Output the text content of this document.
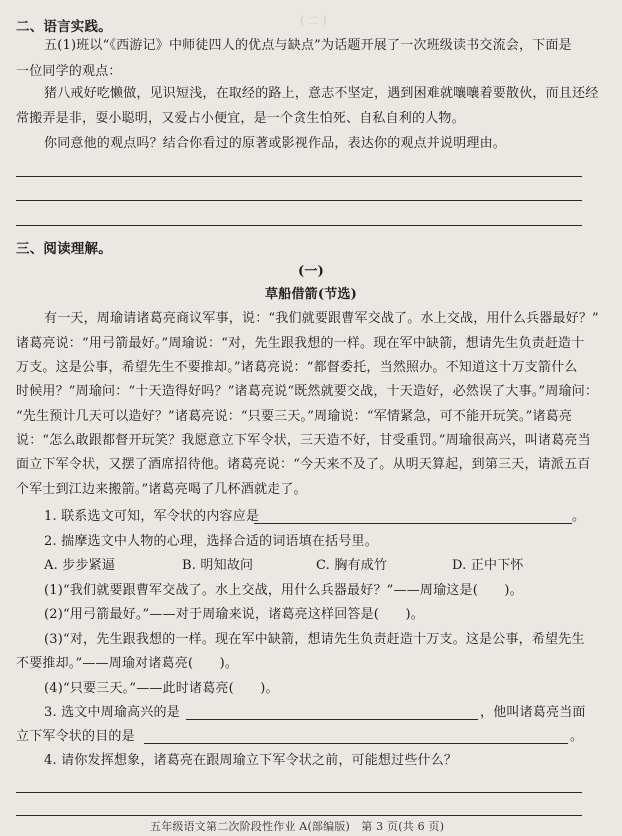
( 二 )
二、语言实践。
五(1)班以“《西游记》中师徒四人的优点与缺点”为话题开展了一次班级读书交流会，下面是
一位同学的观点：
猪八戒好吃懒做，见识短浅，在取经的路上，意志不坚定，遇到困难就嚷嚷着要散伙，而且还经
常搬弄是非，耍小聪明，又爱占小便宜，是一个贪生怕死、自私自利的人物。
你同意他的观点吗？结合你看过的原著或影视作品，表达你的观点并说明理由。
三、阅读理解。
(一)
草船借箭(节选)
有一天，周瑜请诸葛亮商议军事，说：“我们就要跟曹军交战了。水上交战，用什么兵器最好？”
诸葛亮说：“用弓箭最好。”周瑜说：“对，先生跟我想的一样。现在军中缺箭，想请先生负责赶造十
万支。这是公事，希望先生不要推却。”诸葛亮说：“都督委托，当然照办。不知道这十万支箭什么
时候用？”周瑜问：“十天造得好吗？”诸葛亮说“既然就要交战，十天造好，必然误了大事。”周瑜问：
“先生预计几天可以造好？”诸葛亮说：“只要三天。”周瑜说：“军情紧急，可不能开玩笑。”诸葛亮
说：“怎么敢跟都督开玩笑？我愿意立下军令状，三天造不好，甘受重罚。”周瑜很高兴，叫诸葛亮当
面立下军令状，又摆了酒席招待他。诸葛亮说：“今天来不及了。从明天算起，到第三天，请派五百
个军士到江边来搬箭。”诸葛亮喝了几杯酒就走了。
1. 联系选文可知，军令状的内容应是	。
2. 揣摩选文中人物的心理，选择合适的词语填在括号里。
A. 步步紧逼	B. 明知故问	C. 胸有成竹	D. 正中下怀
(1)“我们就要跟曹军交战了。水上交战，用什么兵器最好？”——周瑜这是(　　)。
(2)“用弓箭最好。”——对于周瑜来说，诸葛亮这样回答是(　　)。
(3)“对，先生跟我想的一样。现在军中缺箭，想请先生负责赶造十万支。这是公事，希望先生
不要推却。”——周瑜对诸葛亮(　　)。
(4)“只要三天。”——此时诸葛亮(　　)。
3. 选文中周瑜高兴的是	，他叫诸葛亮当面
立下军令状的目的是	。
4. 请你发挥想象，诸葛亮在跟周瑜立下军令状之前，可能想过些什么？
五年级语文第二次阶段性作业 A(部编版)　第 3 页(共 6 页)
